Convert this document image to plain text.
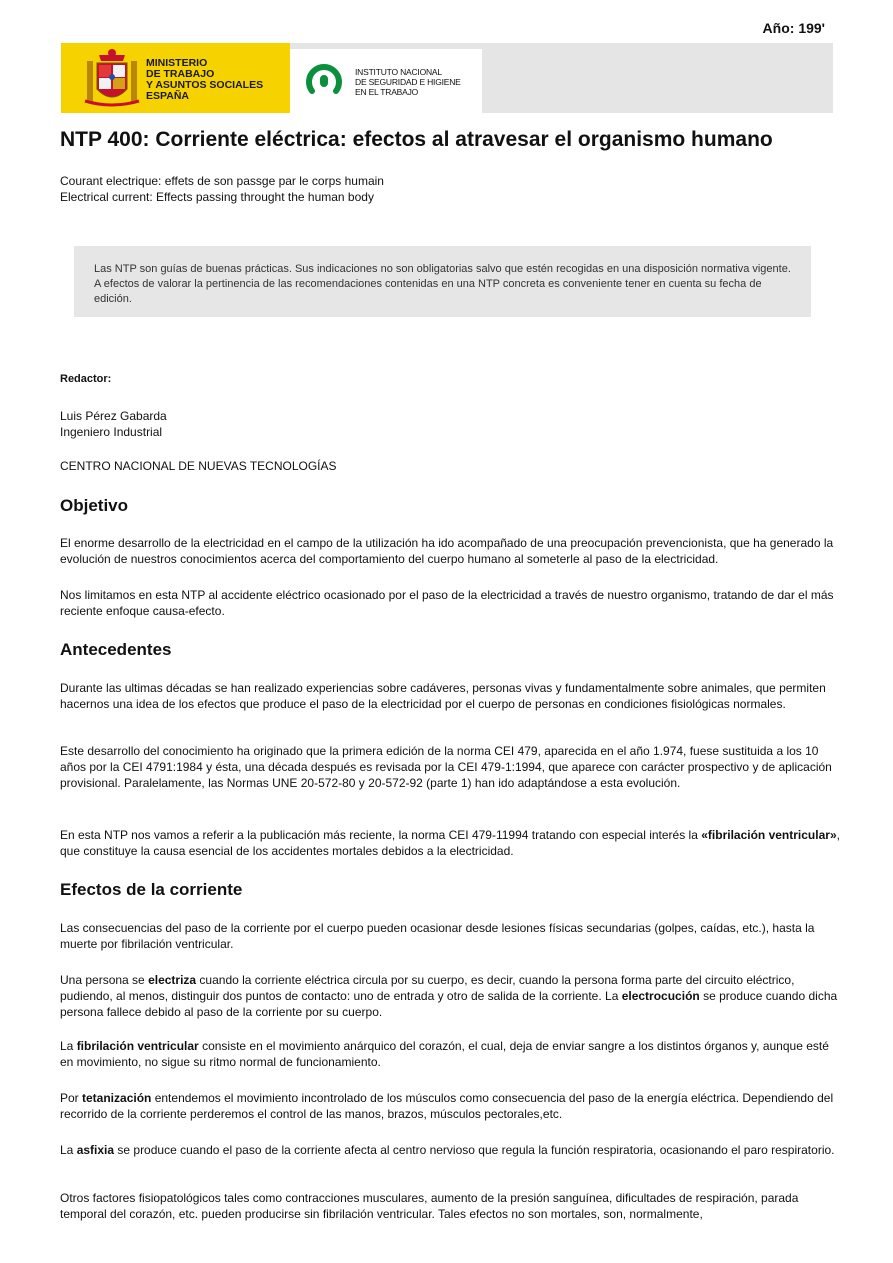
Año: 199'
MINISTERIO
DE TRABAJO
Y ASUNTOS SOCIALES
ESPAÑA
INSTITUTO NACIONAL
DE SEGURIDAD E HIGIENE
EN EL TRABAJO
NTP 400: Corriente eléctrica: efectos al atravesar el organismo humano
Courant electrique: effets de son passge par le corps humain
Electrical current: Effects passing throught the human body

Las NTP son guías de buenas prácticas. Sus indicaciones no son obligatorias salvo que estén recogidas en una disposición normativa vigente. A efectos de valorar la pertinencia de las recomendaciones contenidas en una NTP concreta es conveniente tener en cuenta su fecha de edición.

Redactor:
Luis Pérez Gabarda
Ingeniero Industrial
CENTRO NACIONAL DE NUEVAS TECNOLOGÍAS
Objetivo

El enorme desarrollo de la electricidad en el campo de la utilización ha ido acompañado de una preocupación prevencionista, que ha generado la evolución de nuestros conocimientos acerca del comportamiento del cuerpo humano al someterle al paso de la electricidad.

Nos limitamos en esta NTP al accidente eléctrico ocasionado por el paso de la electricidad a través de nuestro organismo, tratando de dar el más reciente enfoque causa-efecto.

Antecedentes

Durante las ultimas décadas se han realizado experiencias sobre cadáveres, personas vivas y fundamentalmente sobre animales, que permiten hacernos una idea de los efectos que produce el paso de la electricidad por el cuerpo de personas en condiciones fisiológicas normales.

Este desarrollo del conocimiento ha originado que la primera edición de la norma CEI 479, aparecida en el año 1.974, fuese sustituida a los 10 años por la CEI 4791:1984 y ésta, una década después es revisada por la CEI 479-1:1994, que aparece con carácter prospectivo y de aplicación provisional. Paralelamente, las Normas UNE 20-572-80 y 20-572-92 (parte 1) han ido adaptándose a esta evolución.

En esta NTP nos vamos a referir a la publicación más reciente, la norma CEI 479-11994 tratando con especial interés la «fibrilación ventricular», que constituye la causa esencial de los accidentes mortales debidos a la electricidad.

Efectos de la corriente

Las consecuencias del paso de la corriente por el cuerpo pueden ocasionar desde lesiones físicas secundarias (golpes, caídas, etc.), hasta la muerte por fibrilación ventricular.

Una persona se electriza cuando la corriente eléctrica circula por su cuerpo, es decir, cuando la persona forma parte del circuito eléctrico, pudiendo, al menos, distinguir dos puntos de contacto: uno de entrada y otro de salida de la corriente. La electrocución se produce cuando dicha persona fallece debido al paso de la corriente por su cuerpo.

La fibrilación ventricular consiste en el movimiento anárquico del corazón, el cual, deja de enviar sangre a los distintos órganos y, aunque esté en movimiento, no sigue su ritmo normal de funcionamiento.

Por tetanización entendemos el movimiento incontrolado de los músculos como consecuencia del paso de la energía eléctrica. Dependiendo del recorrido de la corriente perderemos el control de las manos, brazos, músculos pectorales,etc.

La asfixia se produce cuando el paso de la corriente afecta al centro nervioso que regula la función respiratoria, ocasionando el paro respiratorio.

Otros factores fisiopatológicos tales como contracciones musculares, aumento de la presión sanguínea, dificultades de respiración, parada temporal del corazón, etc. pueden producirse sin fibrilación ventricular. Tales efectos no son mortales, son, normalmente,
